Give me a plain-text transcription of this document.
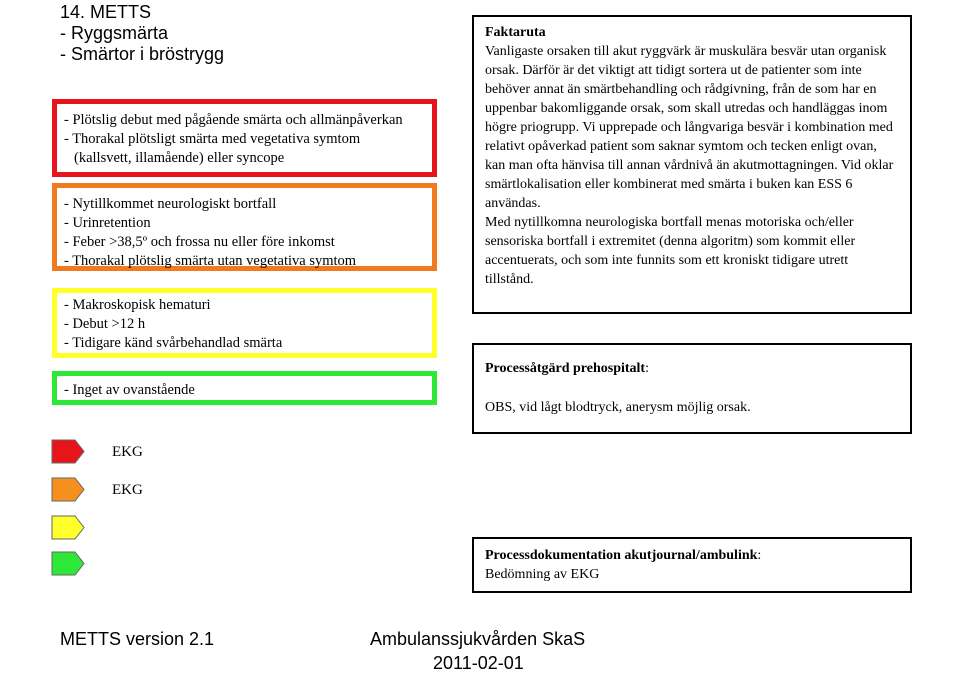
14. METTS
- Ryggsmärta
- Smärtor i bröstrygg
- Plötslig debut med pågående smärta och allmänpåverkan
- Thorakal plötsligt smärta med vegetativa symtom
(kallsvett, illamående) eller syncope
- Nytillkommet neurologiskt bortfall
- Urinretention
- Feber >38,5º och frossa nu eller före inkomst
- Thorakal plötslig smärta utan vegetativa symtom
- Makroskopisk hematuri
- Debut >12 h
- Tidigare känd svårbehandlad smärta
- Inget av ovanstående
EKG
EKG
Faktaruta

Vanligaste orsaken till akut ryggvärk är muskulära besvär utan organisk orsak. Därför är det viktigt att tidigt sortera ut de patienter som inte behöver annat än smärtbehandling och rådgivning, från de som har en uppenbar bakomliggande orsak, som skall utredas och handläggas inom högre priogrupp. Vi upprepade och långvariga besvär i kombination med relativt opåverkad patient som saknar symtom och tecken enligt ovan, kan man ofta hänvisa till annan vårdnivå än akutmottagningen. Vid oklar smärtlokalisation eller kombinerat med smärta i buken kan ESS 6 användas.

Med nytillkomna neurologiska bortfall menas motoriska och/eller sensoriska bortfall i extremitet (denna algoritm) som kommit eller accentuerats, och som inte funnits som ett kroniskt tidigare utrett tillstånd.

Processåtgärd prehospitalt:
OBS, vid lågt blodtryck, anerysm möjlig orsak.
Processdokumentation akutjournal/ambulink:
Bedömning av EKG
METTS version 2.1	Ambulanssjukvården SkaS
2011-02-01
